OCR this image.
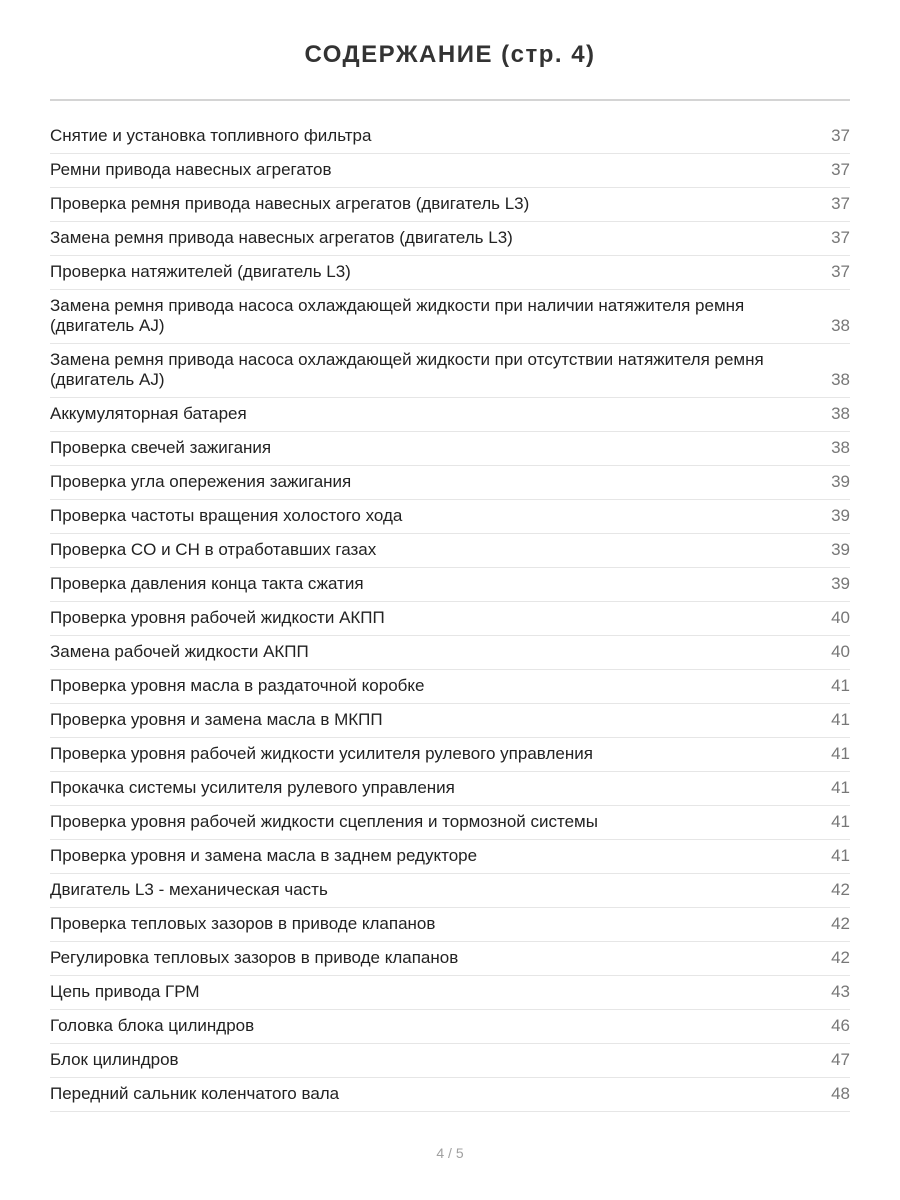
СОДЕРЖАНИЕ (стр. 4)
Снятие и установка топливного фильтра	37
Ремни привода навесных агрегатов	37
Проверка ремня привода навесных агрегатов (двигатель L3)	37
Замена ремня привода навесных агрегатов (двигатель L3)	37
Проверка натяжителей (двигатель L3)	37
Замена ремня привода насоса охлаждающей жидкости при наличии натяжителя ремня (двигатель AJ)	38
Замена ремня привода насоса охлаждающей жидкости при отсутствии натяжителя ремня (двигатель AJ)	38
Аккумуляторная батарея	38
Проверка свечей зажигания	38
Проверка угла опережения зажигания	39
Проверка частоты вращения холостого хода	39
Проверка CO и CH в отработавших газах	39
Проверка давления конца такта сжатия	39
Проверка уровня рабочей жидкости АКПП	40
Замена рабочей жидкости АКПП	40
Проверка уровня масла в раздаточной коробке	41
Проверка уровня и замена масла в МКПП	41
Проверка уровня рабочей жидкости усилителя рулевого управления	41
Прокачка системы усилителя рулевого управления	41
Проверка уровня рабочей жидкости сцепления и тормозной системы	41
Проверка уровня и замена масла в заднем редукторе	41
Двигатель L3 - механическая часть	42
Проверка тепловых зазоров в приводе клапанов	42
Регулировка тепловых зазоров в приводе клапанов	42
Цепь привода ГРМ	43
Головка блока цилиндров	46
Блок цилиндров	47
Передний сальник коленчатого вала	48
4 / 5
